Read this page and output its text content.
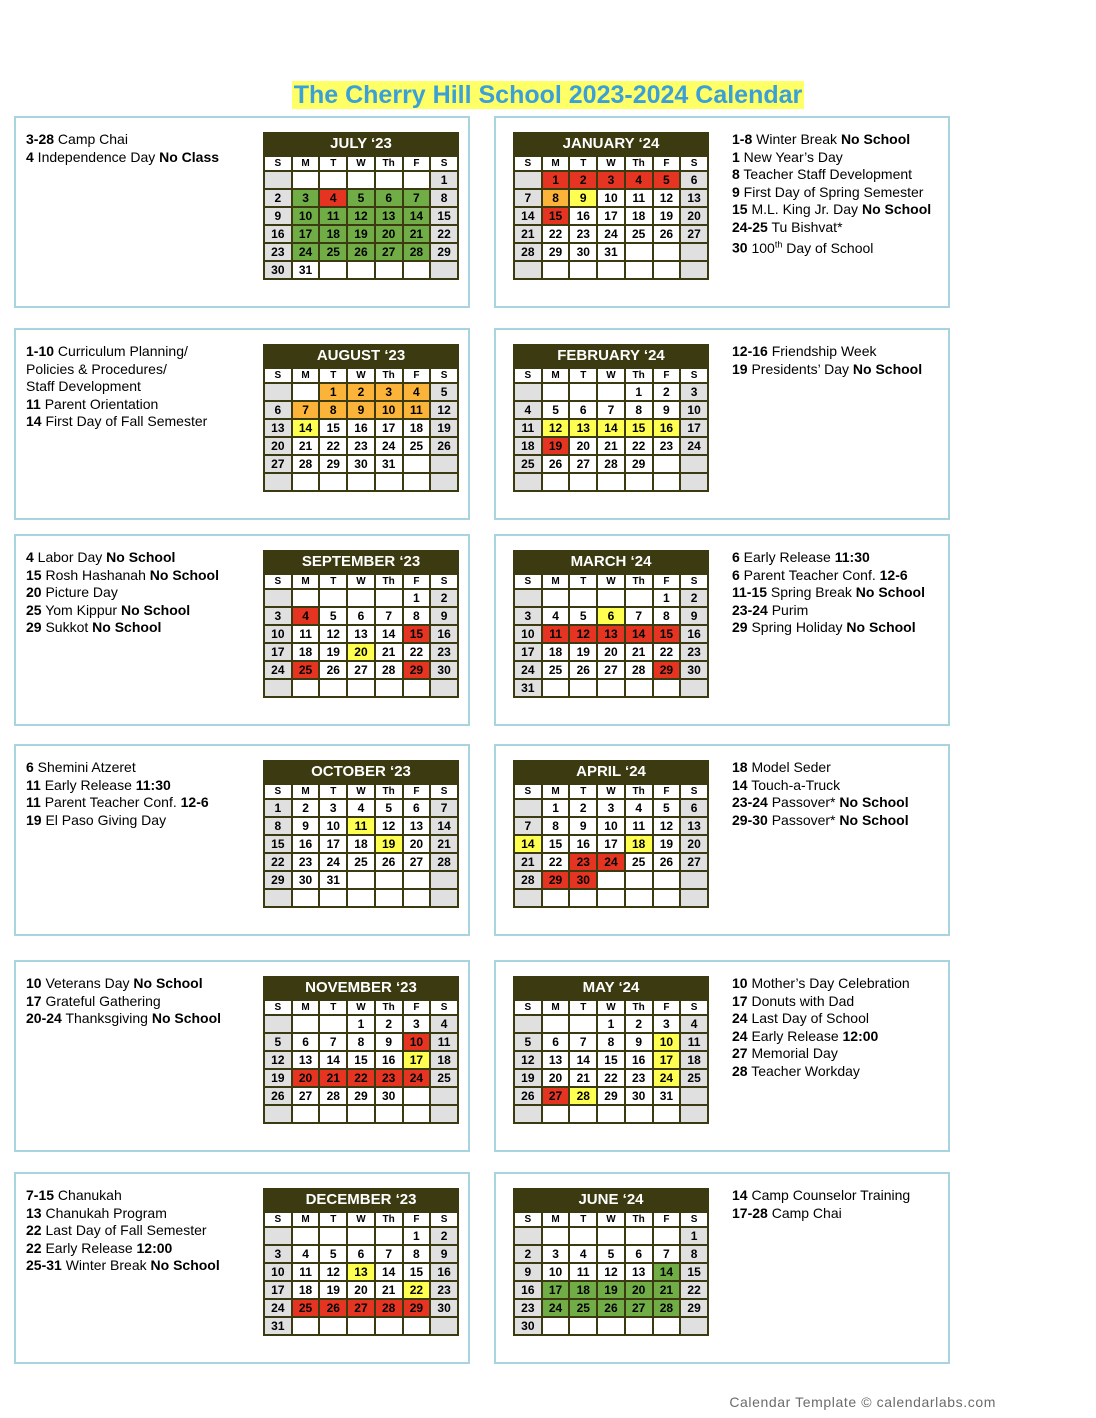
The Cherry Hill School 2023-2024 Calendar
3-28 Camp Chai
4 Independence Day No Class
JULY ‘23
S	M	T	W	Th	F	S
						1
2	3	4	5	6	7	8
9	10	11	12	13	14	15
16	17	18	19	20	21	22
23	24	25	26	27	28	29
30	31					
1-8 Winter Break No School
1 New Year’s Day
8 Teacher Staff Development
9 First Day of Spring Semester
15 M.L. King Jr. Day No School
24-25 Tu Bishvat*
30 100th Day of School
JANUARY ‘24
S	M	T	W	Th	F	S
	1	2	3	4	5	6
7	8	9	10	11	12	13
14	15	16	17	18	19	20
21	22	23	24	25	26	27
28	29	30	31			

1-10 Curriculum Planning/
Policies & Procedures/
Staff Development
11 Parent Orientation
14 First Day of Fall Semester
AUGUST ‘23
S	M	T	W	Th	F	S
		1	2	3	4	5
6	7	8	9	10	11	12
13	14	15	16	17	18	19
20	21	22	23	24	25	26
27	28	29	30	31		

12-16 Friendship Week
19 Presidents’ Day No School
FEBRUARY ‘24
S	M	T	W	Th	F	S
				1	2	3
4	5	6	7	8	9	10
11	12	13	14	15	16	17
18	19	20	21	22	23	24
25	26	27	28	29		

4 Labor Day No School
15 Rosh Hashanah No School
20 Picture Day
25 Yom Kippur No School
29 Sukkot No School
SEPTEMBER ‘23
S	M	T	W	Th	F	S
					1	2
3	4	5	6	7	8	9
10	11	12	13	14	15	16
17	18	19	20	21	22	23
24	25	26	27	28	29	30

6 Early Release 11:30
6 Parent Teacher Conf. 12-6
11-15 Spring Break No School
23-24 Purim
29 Spring Holiday No School
MARCH ‘24
S	M	T	W	Th	F	S
					1	2
3	4	5	6	7	8	9
10	11	12	13	14	15	16
17	18	19	20	21	22	23
24	25	26	27	28	29	30
31						
6 Shemini Atzeret
11 Early Release 11:30
11 Parent Teacher Conf. 12-6
19 El Paso Giving Day
OCTOBER ‘23
S	M	T	W	Th	F	S
1	2	3	4	5	6	7
8	9	10	11	12	13	14
15	16	17	18	19	20	21
22	23	24	25	26	27	28
29	30	31				

18 Model Seder
14 Touch-a-Truck
23-24 Passover* No School
29-30 Passover* No School
APRIL ‘24
S	M	T	W	Th	F	S
	1	2	3	4	5	6
7	8	9	10	11	12	13
14	15	16	17	18	19	20
21	22	23	24	25	26	27
28	29	30				

10 Veterans Day No School
17 Grateful Gathering
20-24 Thanksgiving No School
NOVEMBER ‘23
S	M	T	W	Th	F	S
			1	2	3	4
5	6	7	8	9	10	11
12	13	14	15	16	17	18
19	20	21	22	23	24	25
26	27	28	29	30		

10 Mother’s Day Celebration
17 Donuts with Dad
24 Last Day of School
24 Early Release 12:00
27 Memorial Day
28 Teacher Workday
MAY ‘24
S	M	T	W	Th	F	S
			1	2	3	4
5	6	7	8	9	10	11
12	13	14	15	16	17	18
19	20	21	22	23	24	25
26	27	28	29	30	31	

7-15 Chanukah
13 Chanukah Program
22 Last Day of Fall Semester
22 Early Release 12:00
25-31 Winter Break No School
DECEMBER ‘23
S	M	T	W	Th	F	S
					1	2
3	4	5	6	7	8	9
10	11	12	13	14	15	16
17	18	19	20	21	22	23
24	25	26	27	28	29	30
31						
14 Camp Counselor Training
17-28 Camp Chai
JUNE ‘24
S	M	T	W	Th	F	S
						1
2	3	4	5	6	7	8
9	10	11	12	13	14	15
16	17	18	19	20	21	22
23	24	25	26	27	28	29
30						
Calendar Template © calendarlabs.com
